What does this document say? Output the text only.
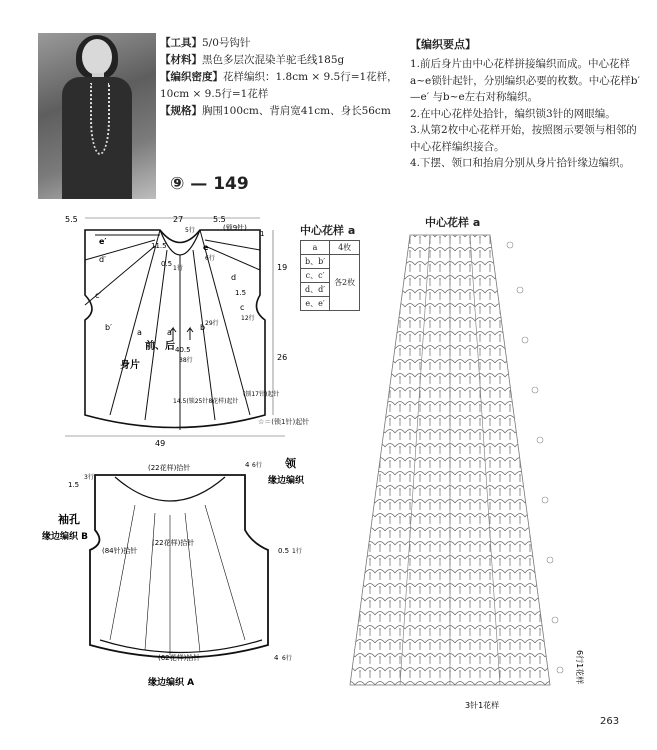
【工具】5/0号钩针
【材料】黑色多层次混染羊驼毛线185g
【编织密度】花样编织：1.8cm × 9.5行=1花样，10cm × 9.5行=1花样
【规格】胸围100cm、背肩宽41cm、身长56cm
⑨ — 149
【编织要点】

1.前后身片由中心花样拼接编织而成。中心花样a~e锁针起针，分别编织必要的枚数。中心花样b′ —e′ 与b~e左右对称编织。

2.在中心花样处拾针，编织锁3针的网眼编。

3.从第2枚中心花样开始，按照图示要领与相邻的中心花样编织接合。

4.下摆、领口和抬肩分别从身片拾针缘边编织。

中心花样 a
a	4枚
b、b′	各2枚
c、c′	
d、d′	
e、e′	
5.5	27	5.5
(锁9针)
5行
6行
11.5
0.5
1行
1.5
19
26
1
29行
12行
e′
e
d′
d
c′
c
b′	b
a	a
前、后
身片
40.5
38行
14.5(锁25针8花样)起针
(锁17针)起针
49
☆＝(锁1针)起针
(22花样)拾针
1.5
3行
4 6行 领
缘边编织
袖孔
缘边编织 B
(84针)拾针
(22花样)拾针
0.5 1行
(62花样)拾针
缘边编织 A
4 6行
中心花样 a
3针1花样
6行1花样
263
